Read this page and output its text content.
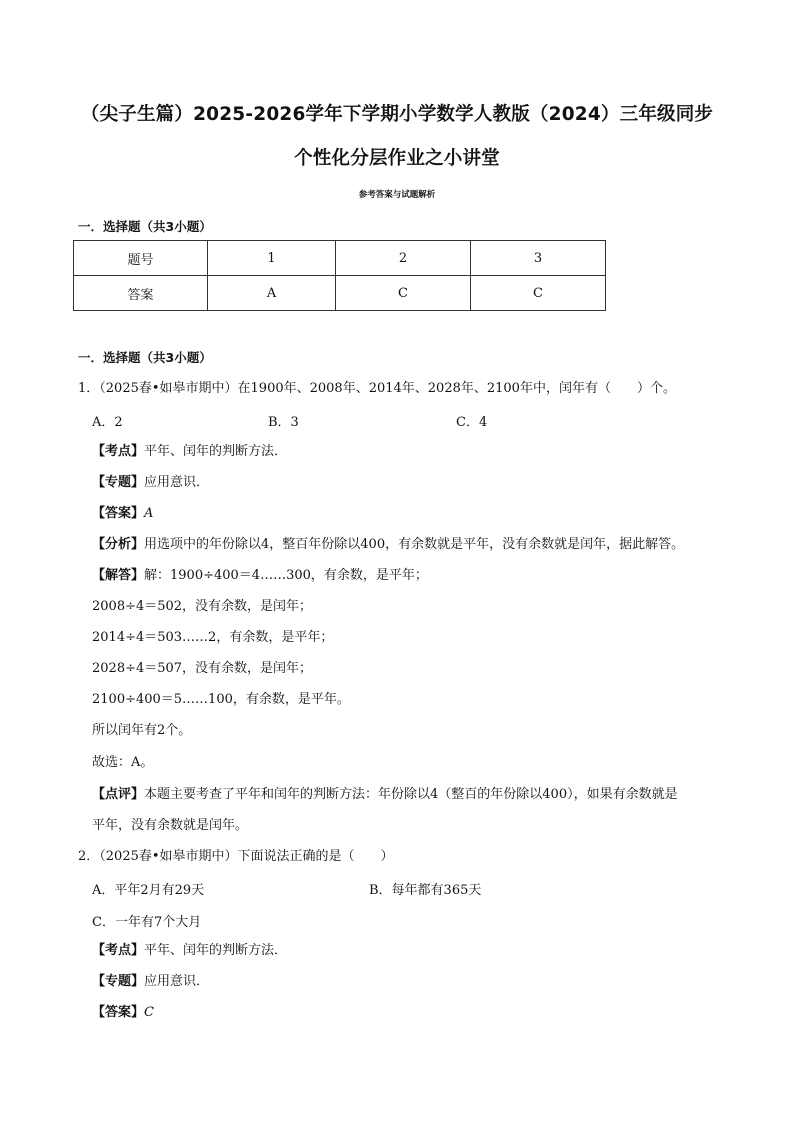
（尖子生篇）2025-2026学年下学期小学数学人教版（2024）三年级同步
个性化分层作业之小讲堂
参考答案与试题解析
一．选择题（共3小题）
题号	1	2	3
答案	A	C	C
一．选择题（共3小题）
1．（2025春•如皋市期中）在1900年、2008年、2014年、2028年、2100年中，闰年有（　　）个。
A．2	B．3	C．4
【考点】平年、闰年的判断方法．
【专题】应用意识．
【答案】A
【分析】用选项中的年份除以4，整百年份除以400，有余数就是平年，没有余数就是闰年，据此解答。
【解答】解：1900÷400＝4……300，有余数，是平年；
2008÷4＝502，没有余数，是闰年；
2014÷4＝503……2，有余数，是平年；
2028÷4＝507，没有余数，是闰年；
2100÷400＝5……100，有余数，是平年。
所以闰年有2个。
故选：A。
【点评】本题主要考查了平年和闰年的判断方法：年份除以4（整百的年份除以400），如果有余数就是
平年，没有余数就是闰年。
2．（2025春•如皋市期中）下面说法正确的是（　　）
A．平年2月有29天	B．每年都有365天
C．一年有7个大月
【考点】平年、闰年的判断方法．
【专题】应用意识．
【答案】C
